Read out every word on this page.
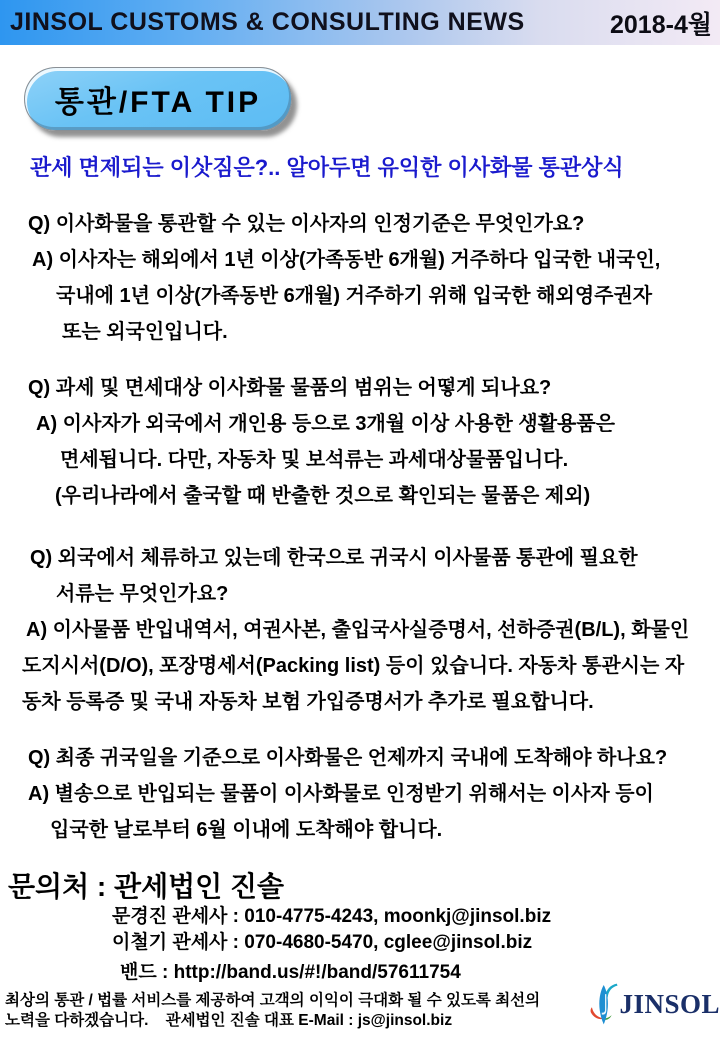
JINSOL CUSTOMS & CONSULTING NEWS	2018-4월
통관/FTA TIP
관세 면제되는 이삿짐은?.. 알아두면 유익한 이사화물 통관상식

Q) 이사화물을 통관할 수 있는 이사자의 인정기준은 무엇인가요?

A) 이사자는 해외에서 1년 이상(가족동반 6개월) 거주하다 입국한 내국인,

국내에 1년 이상(가족동반 6개월) 거주하기 위해 입국한 해외영주권자

또는 외국인입니다.

Q) 과세 및 면세대상 이사화물 물품의 범위는 어떻게 되나요?

A) 이사자가 외국에서 개인용 등으로 3개월 이상 사용한 생활용품은

면세됩니다. 다만, 자동차 및 보석류는 과세대상물품입니다.

(우리나라에서 출국할 때 반출한 것으로 확인되는 물품은 제외)

Q) 외국에서 체류하고 있는데 한국으로 귀국시 이사물품 통관에 필요한

서류는 무엇인가요?

A) 이사물품 반입내역서, 여권사본, 출입국사실증명서, 선하증권(B/L), 화물인

도지시서(D/O), 포장명세서(Packing list) 등이 있습니다. 자동차 통관시는 자

동차 등록증 및 국내 자동차 보험 가입증명서가 추가로 필요합니다.

Q) 최종 귀국일을 기준으로 이사화물은 언제까지 국내에 도착해야 하나요?

A) 별송으로 반입되는 물품이 이사화물로 인정받기 위해서는 이사자 등이

입국한 날로부터 6월 이내에 도착해야 합니다.

문의처 : 관세법인 진솔

문경진 관세사 : 010-4775-4243, moonkj@jinsol.biz

이철기 관세사 : 070-4680-5470, cglee@jinsol.biz

밴드 : http://band.us/#!/band/57611754

최상의 통관 / 법률 서비스를 제공하여 고객의 이익이 극대화 될 수 있도록 최선의

노력을 다하겠습니다.    관세법인 진솔 대표 E-Mail : js@jinsol.biz

JINSOL
